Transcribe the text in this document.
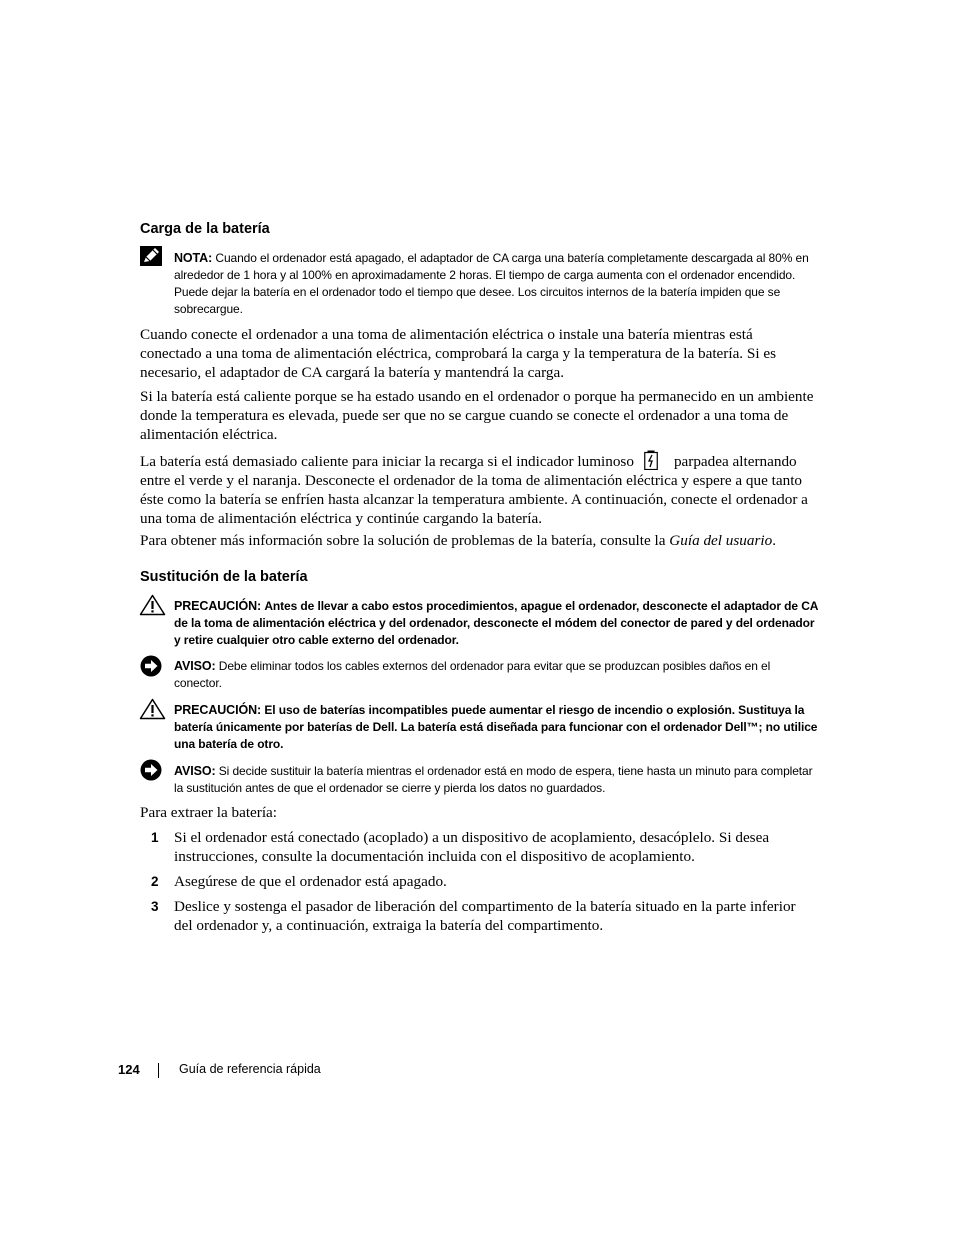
Carga de la batería
NOTA: Cuando el ordenador está apagado, el adaptador de CA carga una batería completamente descargada al 80% en alrededor de 1 hora y al 100% en aproximadamente 2 horas. El tiempo de carga aumenta con el ordenador encendido. Puede dejar la batería en el ordenador todo el tiempo que desee. Los circuitos internos de la batería impiden que se sobrecargue.

Cuando conecte el ordenador a una toma de alimentación eléctrica o instale una batería mientras está conectado a una toma de alimentación eléctrica, comprobará la carga y la temperatura de la batería. Si es necesario, el adaptador de CA cargará la batería y mantendrá la carga.

Si la batería está caliente porque se ha estado usando en el ordenador o porque ha permanecido en un ambiente donde la temperatura es elevada, puede ser que no se cargue cuando se conecte el ordenador a una toma de alimentación eléctrica.

La batería está demasiado caliente para iniciar la recarga si el indicador luminoso	parpadea alternando entre el verde y el naranja. Desconecte el ordenador de la toma de alimentación eléctrica y espere a que tanto éste como la batería se enfríen hasta alcanzar la temperatura ambiente. A continuación, conecte el ordenador a una toma de alimentación eléctrica y continúe cargando la batería.

Para obtener más información sobre la solución de problemas de la batería, consulte la Guía del usuario.

Sustitución de la batería
PRECAUCIÓN: Antes de llevar a cabo estos procedimientos, apague el ordenador, desconecte el adaptador de CA de la toma de alimentación eléctrica y del ordenador, desconecte el módem del conector de pared y del ordenador y retire cualquier otro cable externo del ordenador.
AVISO: Debe eliminar todos los cables externos del ordenador para evitar que se produzcan posibles daños en el conector.
PRECAUCIÓN: El uso de baterías incompatibles puede aumentar el riesgo de incendio o explosión. Sustituya la batería únicamente por baterías de Dell. La batería está diseñada para funcionar con el ordenador Dell™; no utilice una batería de otro.
AVISO: Si decide sustituir la batería mientras el ordenador está en modo de espera, tiene hasta un minuto para completar la sustitución antes de que el ordenador se cierre y pierda los datos no guardados.

Para extraer la batería:

1 Si el ordenador está conectado (acoplado) a un dispositivo de acoplamiento, desacóplelo. Si desea instrucciones, consulte la documentación incluida con el dispositivo de acoplamiento.
2 Asegúrese de que el ordenador está apagado.
3 Deslice y sostenga el pasador de liberación del compartimento de la batería situado en la parte inferior del ordenador y, a continuación, extraiga la batería del compartimento.
124	Guía de referencia rápida
